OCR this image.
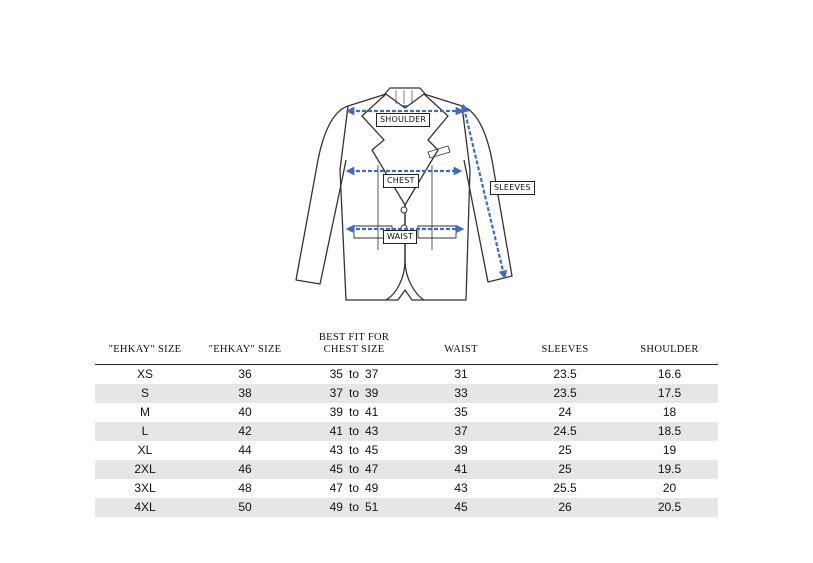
SHOULDER
CHEST
WAIST
SLEEVES
"EHKAY" SIZE	"EHKAY" SIZE	BEST FIT FOR
CHEST SIZE	WAIST	SLEEVES	SHOULDER
XS	36	35 to 37	31	23.5	16.6
S	38	37 to 39	33	23.5	17.5
M	40	39 to 41	35	24	18
L	42	41 to 43	37	24.5	18.5
XL	44	43 to 45	39	25	19
2XL	46	45 to 47	41	25	19.5
3XL	48	47 to 49	43	25.5	20
4XL	50	49 to 51	45	26	20.5
